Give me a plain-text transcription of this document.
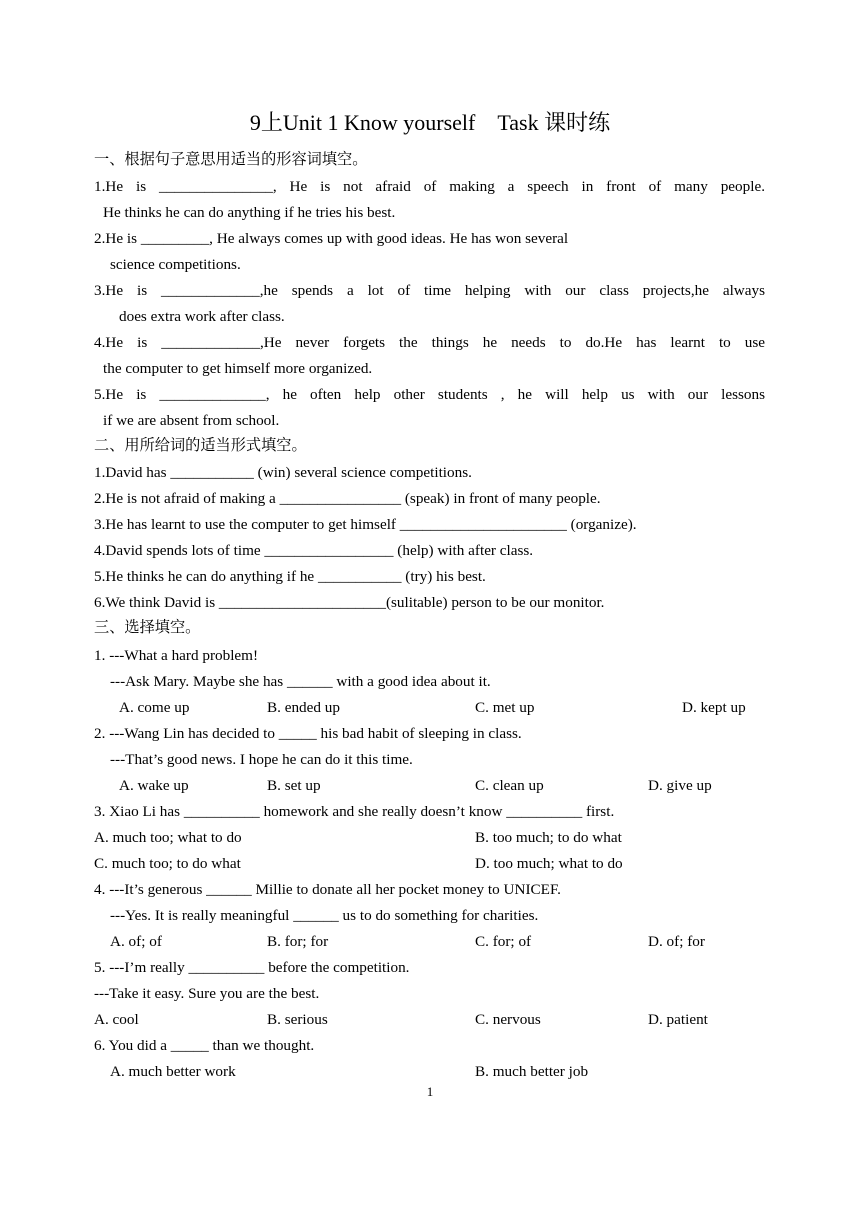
9上Unit 1 Know yourself　Task 课时练
一、根据句子意思用适当的形容词填空。
1.He is _______________, He is not afraid of making a speech in front of many people.
He thinks he can do anything if he tries his best.
2.He is _________, He always comes up with good ideas. He has won several
science competitions.
3.He is _____________,he spends a lot of time helping with our class projects,he always
does extra work after class.
4.He is _____________,He never forgets the things he needs to do.He has learnt to use
the computer to get himself more organized.
5.He is ______________, he often help other students , he will help us with our lessons
if we are absent from school.
二、用所给词的适当形式填空。
1.David has ___________ (win) several science competitions.
2.He is not afraid of making a ________________ (speak) in front of many people.
3.He has learnt to use the computer to get himself ______________________ (organize).
4.David spends lots of time _________________ (help) with after class.
5.He thinks he can do anything if he ___________ (try) his best.
6.We think David is ______________________(sulitable) person to be our monitor.
三、选择填空。
1. ---What a hard problem!
---Ask Mary. Maybe she has ______ with a good idea about it.
A. come up	B. ended up	C. met up	D. kept up
2. ---Wang Lin has decided to _____ his bad habit of sleeping in class.
---That’s good news. I hope he can do it this time.
A. wake up	B. set up	C. clean up	D. give up
3. Xiao Li has __________ homework and she really doesn’t know __________ first.
A. much too; what to do	B. too much; to do what
C. much too; to do what	D. too much; what to do
4. ---It’s generous ______ Millie to donate all her pocket money to UNICEF.
---Yes. It is really meaningful ______ us to do something for charities.
A. of; of	B. for; for	C. for; of	D. of; for
5. ---I’m really __________ before the competition.
---Take it easy. Sure you are the best.
A. cool	B. serious	C. nervous	D. patient
6. You did a _____ than we thought.
A. much better work	B. much better job
1
